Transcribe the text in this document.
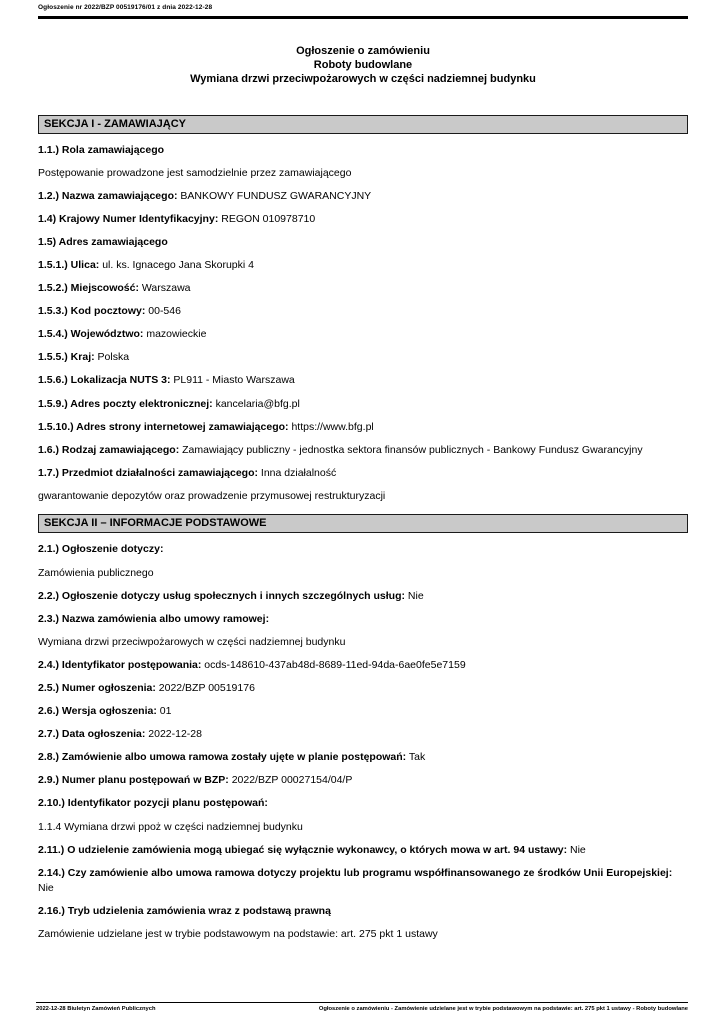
Ogłoszenie nr 2022/BZP 00519176/01 z dnia 2022-12-28
Ogłoszenie o zamówieniu
Roboty budowlane
Wymiana drzwi przeciwpożarowych w części nadziemnej budynku
SEKCJA I - ZAMAWIAJĄCY

1.1.) Rola zamawiającego

Postępowanie prowadzone jest samodzielnie przez zamawiającego

1.2.) Nazwa zamawiającego: BANKOWY FUNDUSZ GWARANCYJNY

1.4) Krajowy Numer Identyfikacyjny: REGON 010978710

1.5) Adres zamawiającego

1.5.1.) Ulica: ul. ks. Ignacego Jana Skorupki 4

1.5.2.) Miejscowość: Warszawa

1.5.3.) Kod pocztowy: 00-546

1.5.4.) Województwo: mazowieckie

1.5.5.) Kraj: Polska

1.5.6.) Lokalizacja NUTS 3: PL911 - Miasto Warszawa

1.5.9.) Adres poczty elektronicznej: kancelaria@bfg.pl

1.5.10.) Adres strony internetowej zamawiającego: https://www.bfg.pl

1.6.) Rodzaj zamawiającego: Zamawiający publiczny - jednostka sektora finansów publicznych - Bankowy Fundusz Gwarancyjny

1.7.) Przedmiot działalności zamawiającego: Inna działalność

gwarantowanie depozytów oraz prowadzenie przymusowej restrukturyzacji

SEKCJA II – INFORMACJE PODSTAWOWE

2.1.) Ogłoszenie dotyczy:

Zamówienia publicznego

2.2.) Ogłoszenie dotyczy usług społecznych i innych szczególnych usług: Nie

2.3.) Nazwa zamówienia albo umowy ramowej:

Wymiana drzwi przeciwpożarowych w części nadziemnej budynku

2.4.) Identyfikator postępowania: ocds-148610-437ab48d-8689-11ed-94da-6ae0fe5e7159

2.5.) Numer ogłoszenia: 2022/BZP 00519176

2.6.) Wersja ogłoszenia: 01

2.7.) Data ogłoszenia: 2022-12-28

2.8.) Zamówienie albo umowa ramowa zostały ujęte w planie postępowań: Tak

2.9.) Numer planu postępowań w BZP: 2022/BZP 00027154/04/P

2.10.) Identyfikator pozycji planu postępowań:

1.1.4 Wymiana drzwi ppoż w części nadziemnej budynku

2.11.) O udzielenie zamówienia mogą ubiegać się wyłącznie wykonawcy, o których mowa w art. 94 ustawy: Nie

2.14.) Czy zamówienie albo umowa ramowa dotyczy projektu lub programu współfinansowanego ze środków Unii Europejskiej: Nie

2.16.) Tryb udzielenia zamówienia wraz z podstawą prawną

Zamówienie udzielane jest w trybie podstawowym na podstawie: art. 275 pkt 1 ustawy

2022-12-28 Biuletyn Zamówień Publicznych	Ogłoszenie o zamówieniu - Zamówienie udzielane jest w trybie podstawowym na podstawie: art. 275 pkt 1 ustawy - Roboty budowlane
